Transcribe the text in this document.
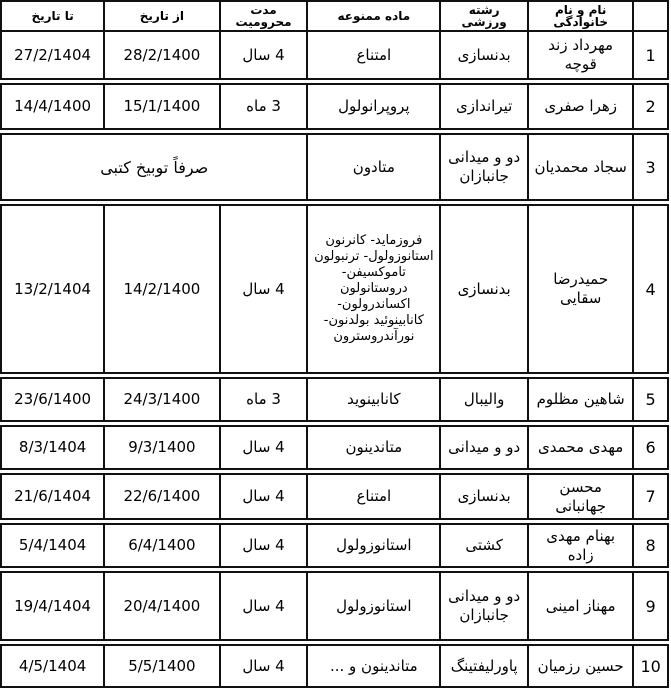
	نام و نام خانوادگی	رشته ورزشی	ماده ممنوعه	مدت محرومیت	از تاریخ	تا تاریخ
1	مهرداد زند قوچه	بدنسازی	امتناع	4 سال	28/2/1400	27/2/1404

2	زهرا صفری	تیراندازی	پروپرانولول	3 ماه	15/1/1400	14/4/1400

3	سجاد محمدیان	دو و میدانی جانبازان	متادون	صرفاً توبیخ کتبی		

4	حمیدرضا سقایی	بدنسازی	فروزماید- کانرنون استانوزولول- ترنبولون تاموکسیفن- دروستانولون اکساندرولون- کانابینوئید بولدنون- نورآندروسترون	4 سال	14/2/1400	13/2/1404

5	شاهین مظلوم	والیبال	کانابینوید	3 ماه	24/3/1400	23/6/1400

6	مهدی محمدی	دو و میدانی	متاندینون	4 سال	9/3/1400	8/3/1404

7	محسن جهانبانی	بدنسازی	امتناع	4 سال	22/6/1400	21/6/1404

8	بهنام مهدی زاده	کشتی	استانوزولول	4 سال	6/4/1400	5/4/1404

9	مهناز امینی	دو و میدانی جانبازان	استانوزولول	4 سال	20/4/1400	19/4/1404

10	حسین رزمیان	پاورلیفتینگ	متاندینون و ...	4 سال	5/5/1400	4/5/1404
